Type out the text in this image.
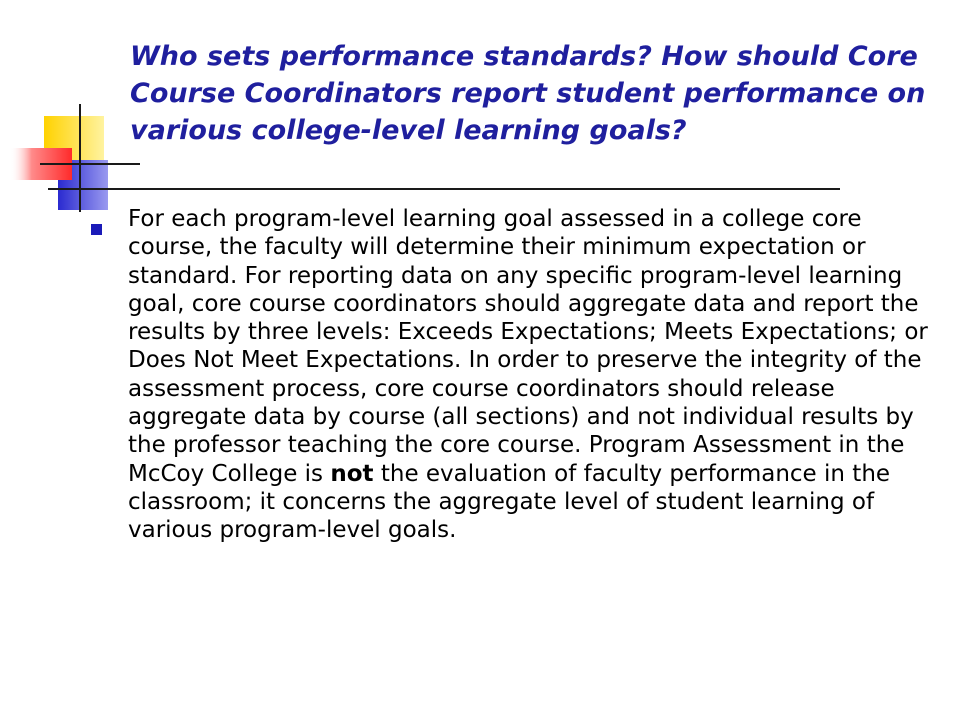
Who sets performance standards? How should Core Course Coordinators report student performance on various college-level learning goals?

For each program-level learning goal assessed in a college core course, the faculty will determine their minimum expectation or standard. For reporting data on any specific program-level learning goal, core course coordinators should aggregate data and report the results by three levels: Exceeds Expectations; Meets Expectations; or Does Not Meet Expectations. In order to preserve the integrity of the assessment process, core course coordinators should release aggregate data by course (all sections) and not individual results by the professor teaching the core course. Program Assessment in the McCoy College is not the evaluation of faculty performance in the classroom; it concerns the aggregate level of student learning of various program-level goals.
